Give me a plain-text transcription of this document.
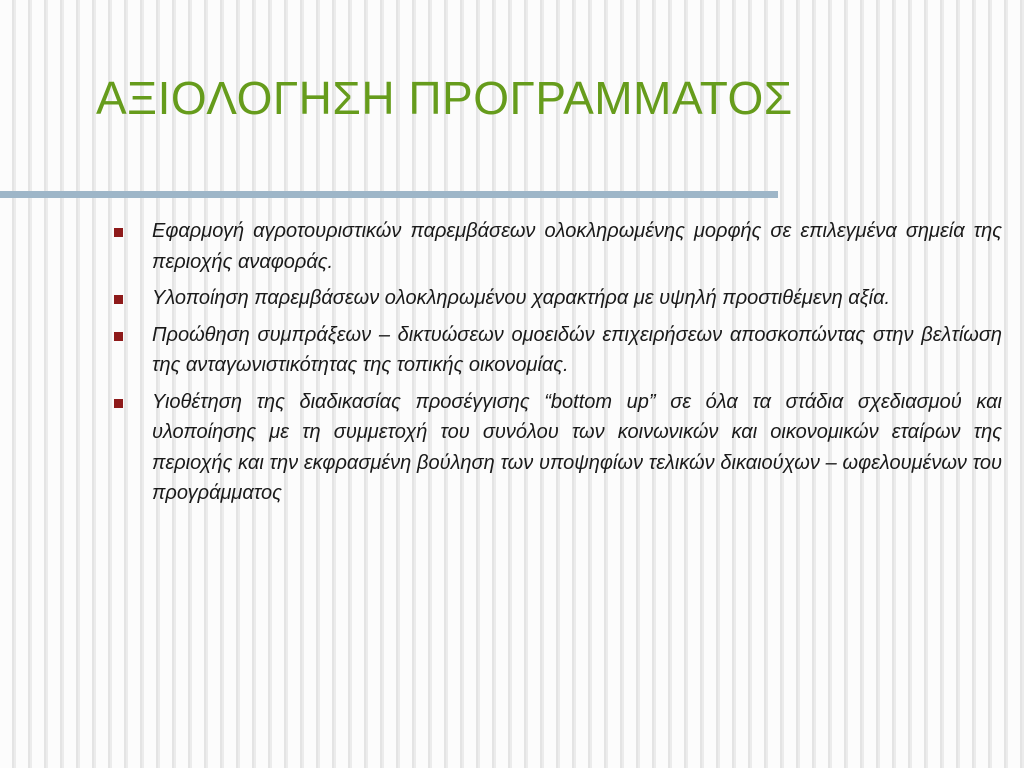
ΑΞΙΟΛΟΓΗΣΗ ΠΡΟΓΡΑΜΜΑΤΟΣ
Εφαρμογή αγροτουριστικών παρεμβάσεων ολοκληρωμένης μορφής σε επιλεγμένα σημεία της περιοχής αναφοράς.
Υλοποίηση παρεμβάσεων ολοκληρωμένου χαρακτήρα με υψηλή προστιθέμενη αξία.
Προώθηση συμπράξεων – δικτυώσεων ομοειδών επιχειρήσεων αποσκοπώντας στην βελτίωση της ανταγωνιστικότητας της τοπικής οικονομίας.
Υιοθέτηση της διαδικασίας προσέγγισης “bottom up” σε όλα τα στάδια σχεδιασμού και υλοποίησης με τη συμμετοχή του συνόλου των κοινωνικών και οικονομικών εταίρων της περιοχής και την εκφρασμένη βούληση των υποψηφίων τελικών δικαιούχων – ωφελουμένων του προγράμματος
